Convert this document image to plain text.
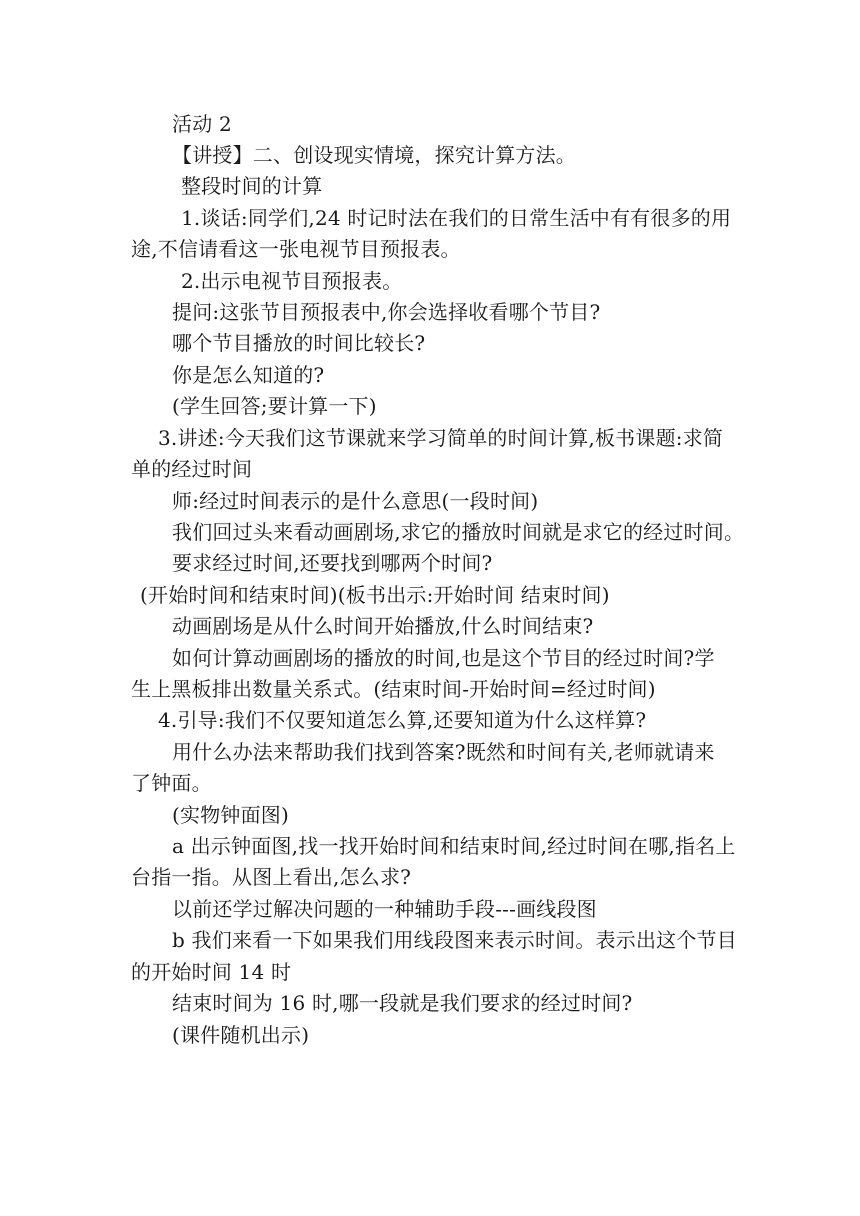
活动 2
【讲授】二、创设现实情境，探究计算方法。
整段时间的计算
1.谈话:同学们,24 时记时法在我们的日常生活中有有很多的用
途,不信请看这一张电视节目预报表。
2.出示电视节目预报表。
提问:这张节目预报表中,你会选择收看哪个节目?
哪个节目播放的时间比较长?
你是怎么知道的?
(学生回答;要计算一下)
3.讲述:今天我们这节课就来学习简单的时间计算,板书课题:求简
单的经过时间
师:经过时间表示的是什么意思(一段时间)
我们回过头来看动画剧场,求它的播放时间就是求它的经过时间。
要求经过时间,还要找到哪两个时间?
(开始时间和结束时间)(板书出示:开始时间 结束时间)
动画剧场是从什么时间开始播放,什么时间结束?
如何计算动画剧场的播放的时间,也是这个节目的经过时间?学
生上黑板排出数量关系式。(结束时间-开始时间=经过时间)
4.引导:我们不仅要知道怎么算,还要知道为什么这样算?
用什么办法来帮助我们找到答案?既然和时间有关,老师就请来
了钟面。
(实物钟面图)
a 出示钟面图,找一找开始时间和结束时间,经过时间在哪,指名上
台指一指。从图上看出,怎么求?
以前还学过解决问题的一种辅助手段---画线段图
b 我们来看一下如果我们用线段图来表示时间。表示出这个节目
的开始时间 14 时
结束时间为 16 时,哪一段就是我们要求的经过时间?
(课件随机出示)
